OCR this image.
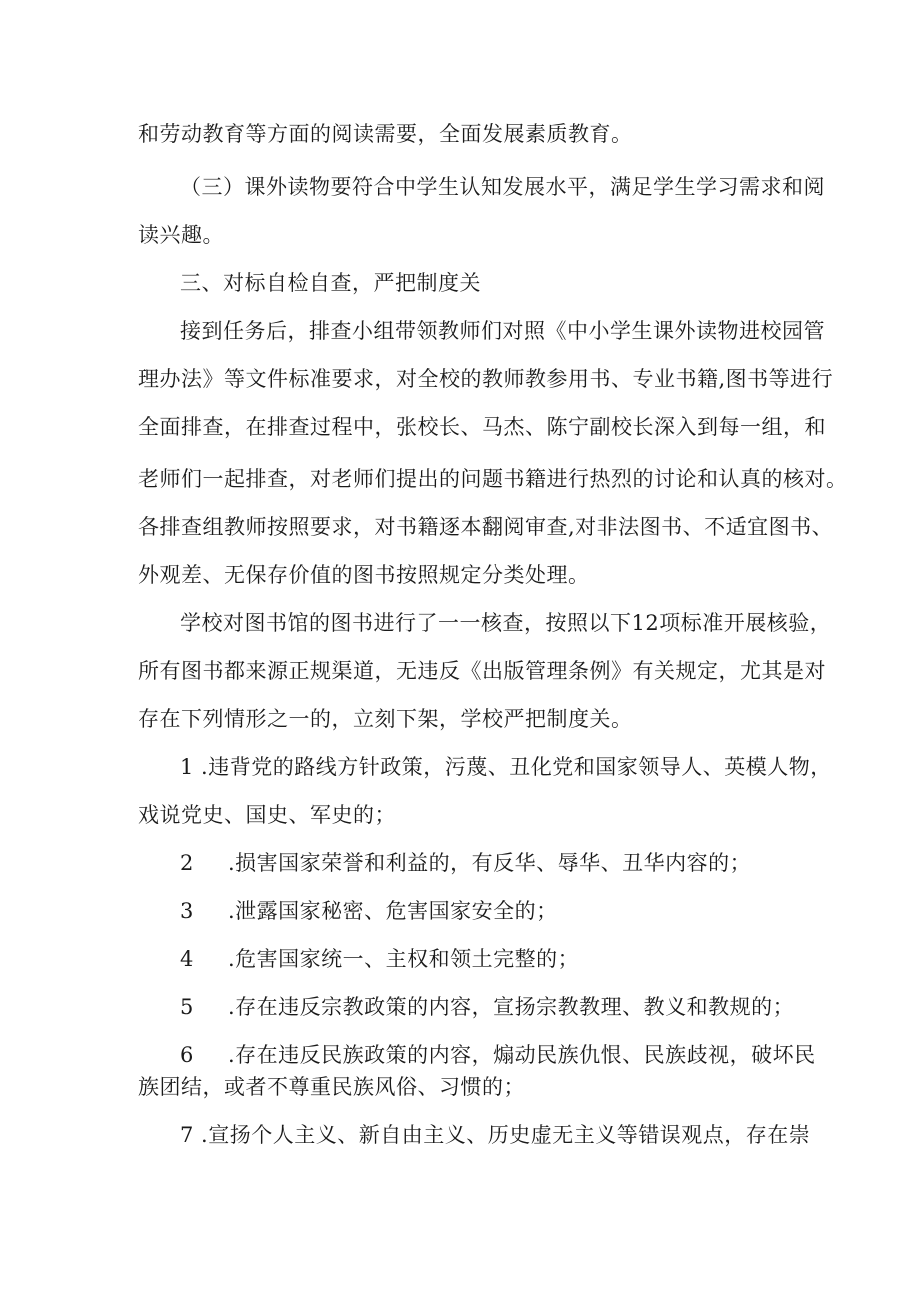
和劳动教育等方面的阅读需要，全面发展素质教育。
（三）课外读物要符合中学生认知发展水平，满足学生学习需求和阅
读兴趣。
三、对标自检自查，严把制度关
接到任务后，排查小组带领教师们对照《中小学生课外读物进校园管
理办法》等文件标准要求，对全校的教师教参用书、专业书籍,图书等进行
全面排查，在排查过程中，张校长、马杰、陈宁副校长深入到每一组，和
老师们一起排查，对老师们提出的问题书籍进行热烈的讨论和认真的核对。
各排查组教师按照要求，对书籍逐本翻阅审查,对非法图书、不适宜图书、
外观差、无保存价值的图书按照规定分类处理。
学校对图书馆的图书进行了一一核查，按照以下12项标准开展核验，
所有图书都来源正规渠道，无违反《出版管理条例》有关规定，尤其是对
存在下列情形之一的，立刻下架，学校严把制度关。
1 .违背党的路线方针政策，污蔑、丑化党和国家领导人、英模人物，
戏说党史、国史、军史的；
2 .损害国家荣誉和利益的，有反华、辱华、丑华内容的；
3 .泄露国家秘密、危害国家安全的；
4 .危害国家统一、主权和领土完整的；
5 .存在违反宗教政策的内容，宣扬宗教教理、教义和教规的；
6 .存在违反民族政策的内容，煽动民族仇恨、民族歧视，破坏民
族团结，或者不尊重民族风俗、习惯的；
7 .宣扬个人主义、新自由主义、历史虚无主义等错误观点，存在崇
